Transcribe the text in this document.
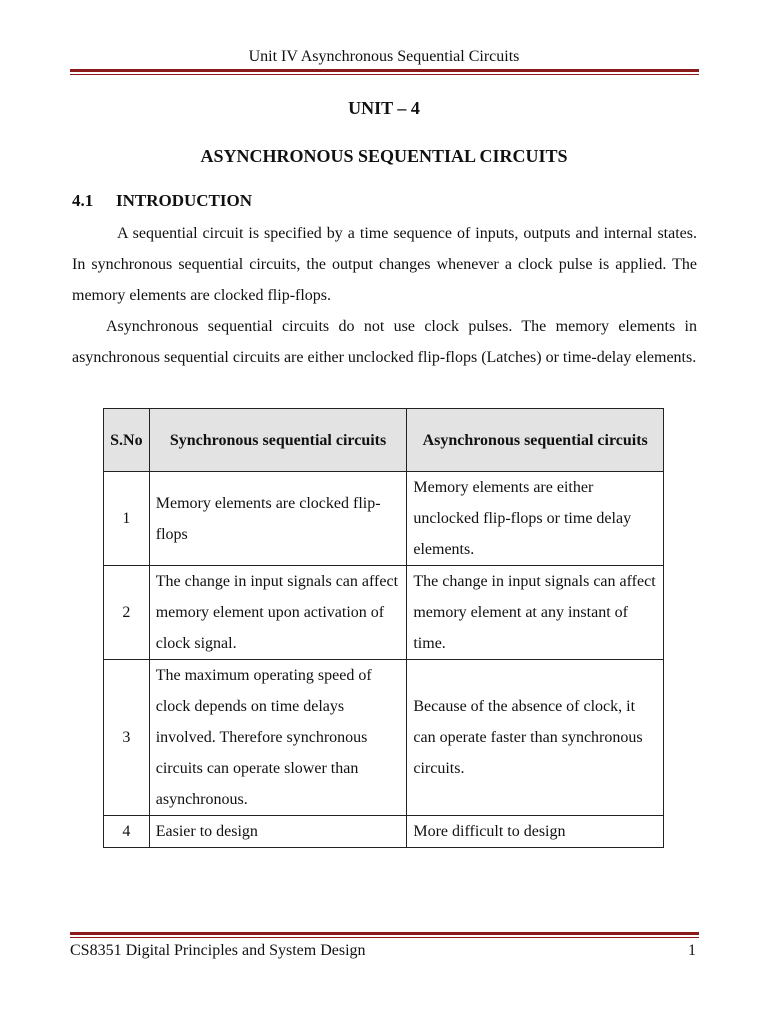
Unit IV Asynchronous Sequential Circuits
UNIT – 4
ASYNCHRONOUS SEQUENTIAL CIRCUITS
4.1 INTRODUCTION

A sequential circuit is specified by a time sequence of inputs, outputs and internal states. In synchronous sequential circuits, the output changes whenever a clock pulse is applied. The memory elements are clocked flip-flops.

Asynchronous sequential circuits do not use clock pulses. The memory elements in asynchronous sequential circuits are either unclocked flip-flops (Latches) or time-delay elements.

S.No	Synchronous sequential circuits	Asynchronous sequential circuits
1	Memory elements are clocked flip-flops	Memory elements are either unclocked flip-flops or time delay elements.
2	The change in input signals can affect memory element upon activation of clock signal.	The change in input signals can affect memory element at any instant of time.
3	The maximum operating speed of clock depends on time delays involved. Therefore synchronous circuits can operate slower than asynchronous.	Because of the absence of clock, it can operate faster than synchronous circuits.
4	Easier to design	More difficult to design
CS8351 Digital Principles and System Design	1
